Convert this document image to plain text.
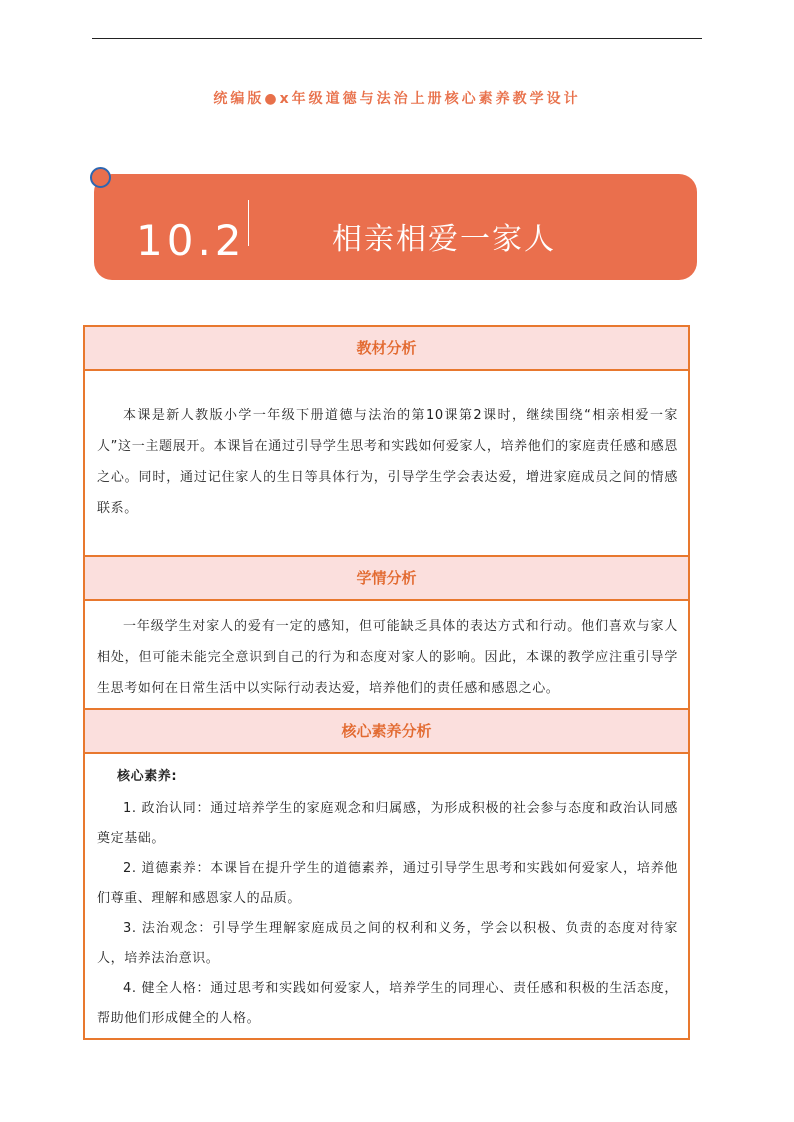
统编版●x年级道德与法治上册核心素养教学设计
10.2	相亲相爱一家人
教材分析

本课是新人教版小学一年级下册道德与法治的第10课第2课时，继续围绕“相亲相爱一家人”这一主题展开。本课旨在通过引导学生思考和实践如何爱家人，培养他们的家庭责任感和感恩之心。同时，通过记住家人的生日等具体行为，引导学生学会表达爱，增进家庭成员之间的情感联系。

学情分析

一年级学生对家人的爱有一定的感知，但可能缺乏具体的表达方式和行动。他们喜欢与家人相处，但可能未能完全意识到自己的行为和态度对家人的影响。因此，本课的教学应注重引导学生思考如何在日常生活中以实际行动表达爱，培养他们的责任感和感恩之心。

核心素养分析

核心素养:

1. 政治认同：通过培养学生的家庭观念和归属感，为形成积极的社会参与态度和政治认同感奠定基础。

2. 道德素养：本课旨在提升学生的道德素养，通过引导学生思考和实践如何爱家人，培养他们尊重、理解和感恩家人的品质。

3. 法治观念：引导学生理解家庭成员之间的权利和义务，学会以积极、负责的态度对待家人，培养法治意识。

4. 健全人格：通过思考和实践如何爱家人，培养学生的同理心、责任感和积极的生活态度，帮助他们形成健全的人格。
